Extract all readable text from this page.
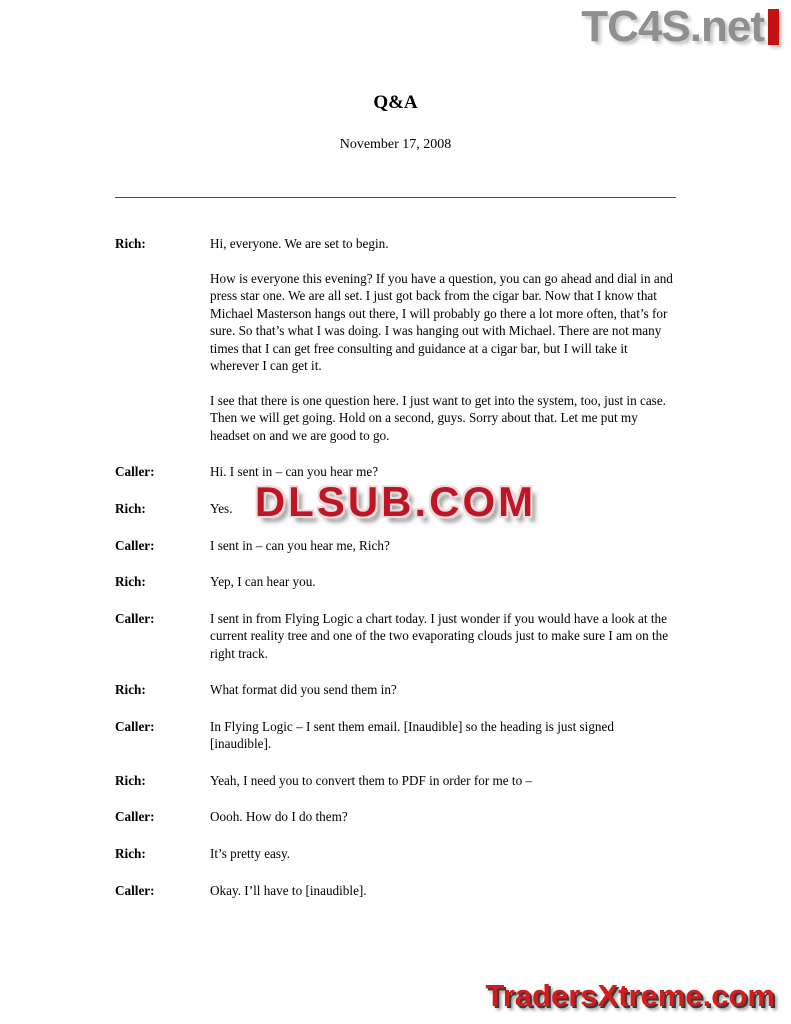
TC4S.net
Q&A
November 17, 2008
Rich:	Hi, everyone. We are set to begin.

How is everyone this evening? If you have a question, you can go ahead and dial in and press star one. We are all set. I just got back from the cigar bar. Now that I know that Michael Masterson hangs out there, I will probably go there a lot more often, that’s for sure. So that’s what I was doing. I was hanging out with Michael. There are not many times that I can get free consulting and guidance at a cigar bar, but I will take it wherever I can get it.

I see that there is one question here. I just want to get into the system, too, just in case. Then we will get going. Hold on a second, guys. Sorry about that. Let me put my headset on and we are good to go.

Caller:	Hi. I sent in – can you hear me?

Rich:	Yes.

Caller:	I sent in – can you hear me, Rich?

Rich:	Yep, I can hear you.

Caller:	I sent in from Flying Logic a chart today. I just wonder if you would have a look at the current reality tree and one of the two evaporating clouds just to make sure I am on the right track.

Rich:	What format did you send them in?

Caller:	In Flying Logic – I sent them email. [Inaudible] so the heading is just signed [inaudible].

Rich:	Yeah, I need you to convert them to PDF in order for me to –

Caller:	Oooh. How do I do them?

Rich:	It’s pretty easy.

Caller:	Okay. I’ll have to [inaudible].

DLSUB.COM
TradersXtreme.com
